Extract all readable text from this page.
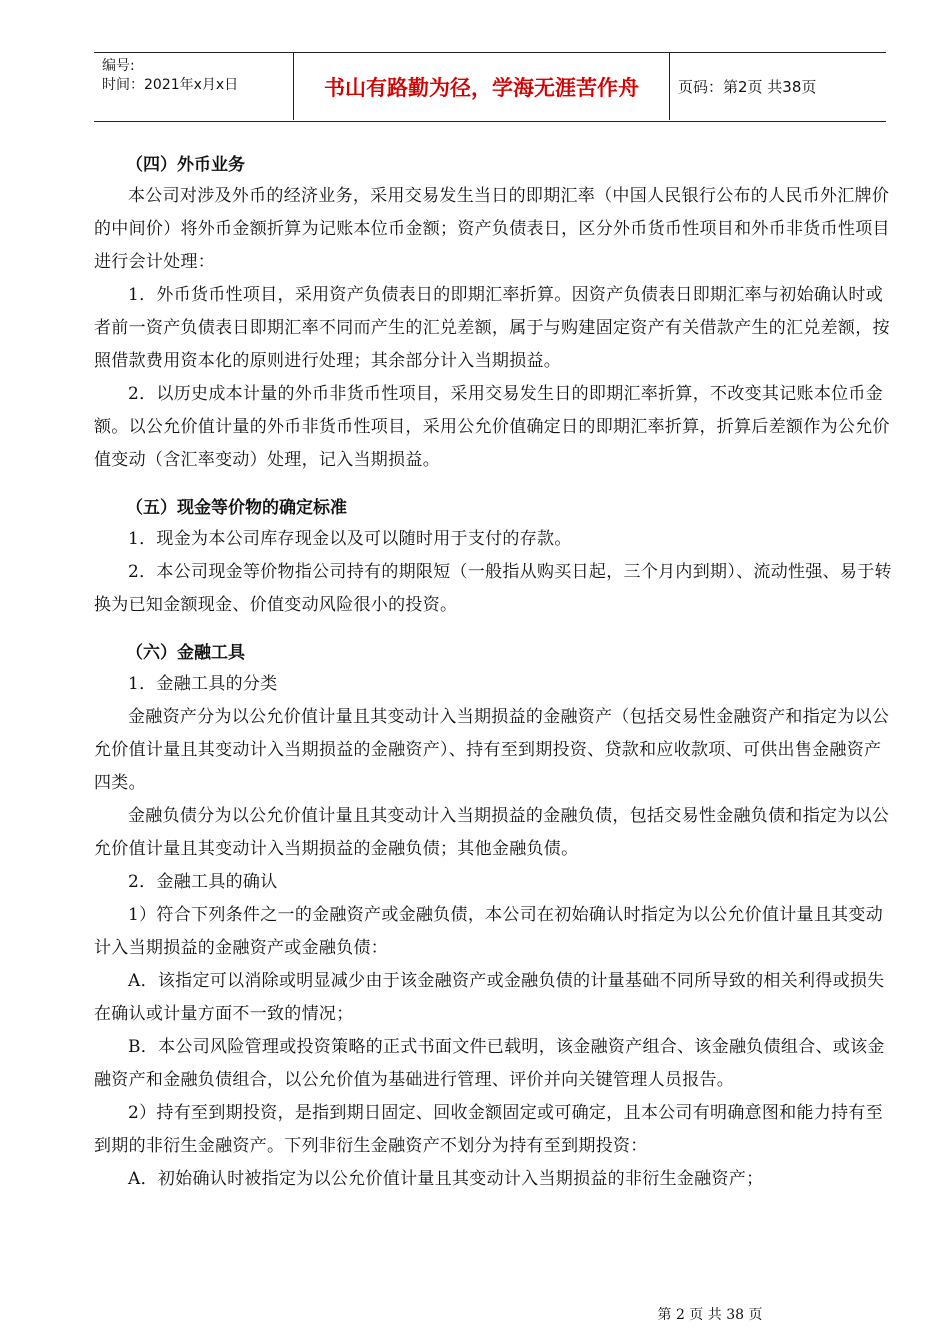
编号:
时间：2021年x月x日	书山有路勤为径，学海无涯苦作舟	页码：第2页 共38页
（四）外币业务

本公司对涉及外币的经济业务，采用交易发生当日的即期汇率（中国人民银行公布的人民币外汇牌价的中间价）将外币金额折算为记账本位币金额；资产负债表日，区分外币货币性项目和外币非货币性项目进行会计处理：

1．外币货币性项目，采用资产负债表日的即期汇率折算。因资产负债表日即期汇率与初始确认时或者前一资产负债表日即期汇率不同而产生的汇兑差额，属于与购建固定资产有关借款产生的汇兑差额，按照借款费用资本化的原则进行处理；其余部分计入当期损益。

2．以历史成本计量的外币非货币性项目，采用交易发生日的即期汇率折算，不改变其记账本位币金额。以公允价值计量的外币非货币性项目，采用公允价值确定日的即期汇率折算，折算后差额作为公允价值变动（含汇率变动）处理，记入当期损益。

（五）现金等价物的确定标准

1．现金为本公司库存现金以及可以随时用于支付的存款。

2．本公司现金等价物指公司持有的期限短（一般指从购买日起，三个月内到期）、流动性强、易于转换为已知金额现金、价值变动风险很小的投资。

（六）金融工具

1．金融工具的分类

金融资产分为以公允价值计量且其变动计入当期损益的金融资产（包括交易性金融资产和指定为以公允价值计量且其变动计入当期损益的金融资产）、持有至到期投资、贷款和应收款项、可供出售金融资产四类。

金融负债分为以公允价值计量且其变动计入当期损益的金融负债，包括交易性金融负债和指定为以公允价值计量且其变动计入当期损益的金融负债；其他金融负债。

2．金融工具的确认

1）符合下列条件之一的金融资产或金融负债，本公司在初始确认时指定为以公允价值计量且其变动计入当期损益的金融资产或金融负债：

A．该指定可以消除或明显减少由于该金融资产或金融负债的计量基础不同所导致的相关利得或损失在确认或计量方面不一致的情况；

B．本公司风险管理或投资策略的正式书面文件已载明，该金融资产组合、该金融负债组合、或该金融资产和金融负债组合，以公允价值为基础进行管理、评价并向关键管理人员报告。

2）持有至到期投资，是指到期日固定、回收金额固定或可确定，且本公司有明确意图和能力持有至到期的非衍生金融资产。下列非衍生金融资产不划分为持有至到期投资：

A．初始确认时被指定为以公允价值计量且其变动计入当期损益的非衍生金融资产；

第 2 页 共 38 页
